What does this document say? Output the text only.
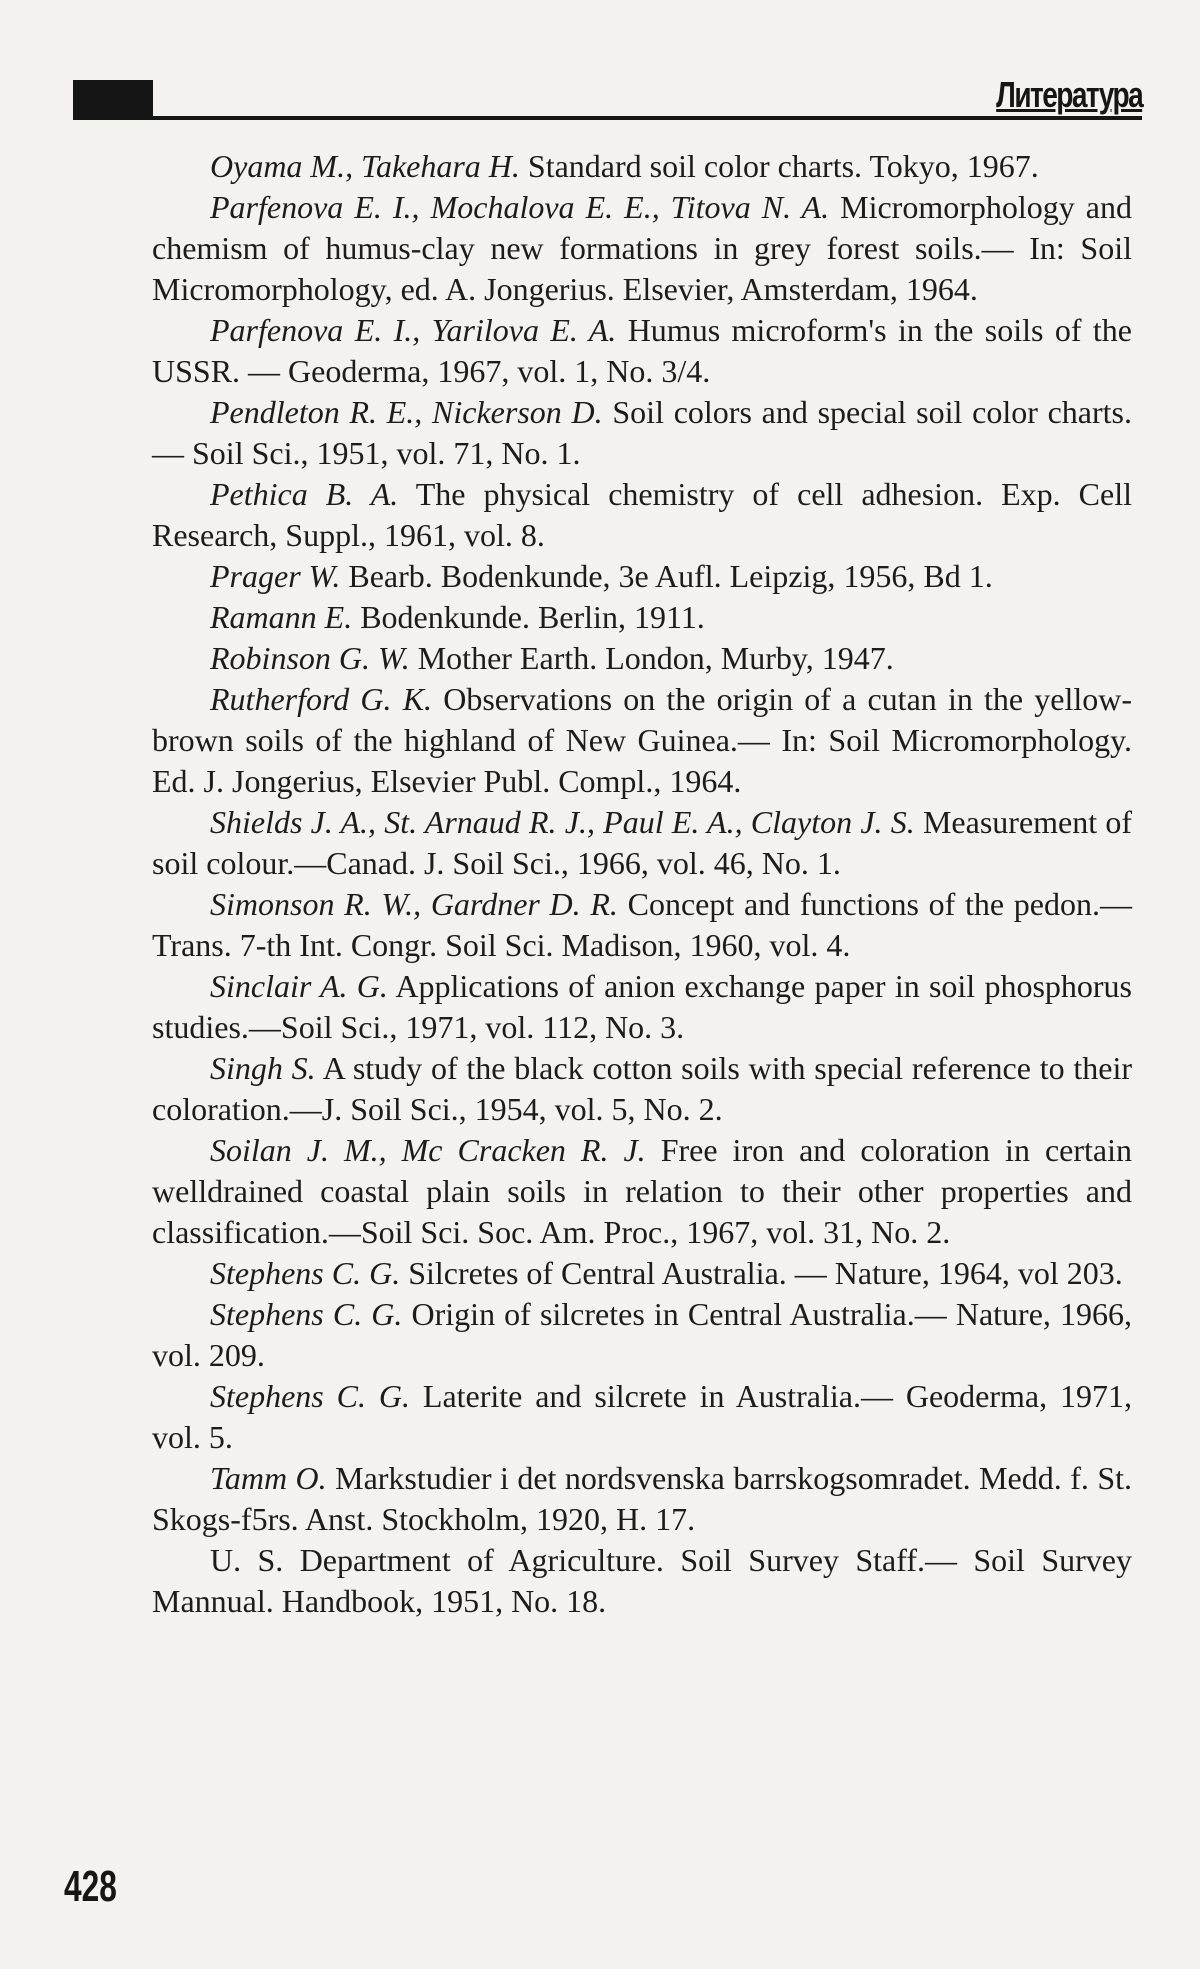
Литература

Oyama M., Takehara H. Standard soil color charts. Tokyo, 1967.

Parfenova E. I., Mochalova E. E., Titova N. A. Micromorphology and chemism of humus-clay new formations in grey forest soils.— In: Soil Micromorphology, ed. A. Jongerius. Elsevier, Amsterdam, 1964.

Parfenova E. I., Yarilova E. A. Humus microform's in the soils of the USSR. — Geoderma, 1967, vol. 1, No. 3/4.

Pendleton R. E., Nickerson D. Soil colors and special soil color charts. — Soil Sci., 1951, vol. 71, No. 1.

Pethica B. A. The physical chemistry of cell adhesion. Exp. Cell Research, Suppl., 1961, vol. 8.

Prager W. Bearb. Bodenkunde, 3e Aufl. Leipzig, 1956, Bd 1.

Ramann E. Bodenkunde. Berlin, 1911.

Robinson G. W. Mother Earth. London, Murby, 1947.

Rutherford G. K. Observations on the origin of a cutan in the yellow-brown soils of the highland of New Guinea.— In: Soil Micromorphology. Ed. J. Jongerius, Elsevier Publ. Compl., 1964.

Shields J. A., St. Arnaud R. J., Paul E. A., Clayton J. S. Measurement of soil colour.—Canad. J. Soil Sci., 1966, vol. 46, No. 1.

Simonson R. W., Gardner D. R. Concept and functions of the pedon.— Trans. 7-th Int. Congr. Soil Sci. Madison, 1960, vol. 4.

Sinclair A. G. Applications of anion exchange paper in soil phosphorus studies.—Soil Sci., 1971, vol. 112, No. 3.

Singh S. A study of the black cotton soils with special reference to their coloration.—J. Soil Sci., 1954, vol. 5, No. 2.

Soilan J. M., Mc Cracken R. J. Free iron and coloration in certain welldrained coastal plain soils in relation to their other properties and classification.—Soil Sci. Soc. Am. Proc., 1967, vol. 31, No. 2.

Stephens C. G. Silcretes of Central Australia. — Nature, 1964, vol 203.

Stephens C. G. Origin of silcretes in Central Australia.— Nature, 1966, vol. 209.

Stephens C. G. Laterite and silcrete in Australia.— Geoderma, 1971, vol. 5.

Tamm O. Markstudier i det nordsvenska barrskogsomradet. Medd. f. St. Skogs-f5rs. Anst. Stockholm, 1920, H. 17.

U. S. Department of Agriculture. Soil Survey Staff.— Soil Survey Mannual. Handbook, 1951, No. 18.

428
